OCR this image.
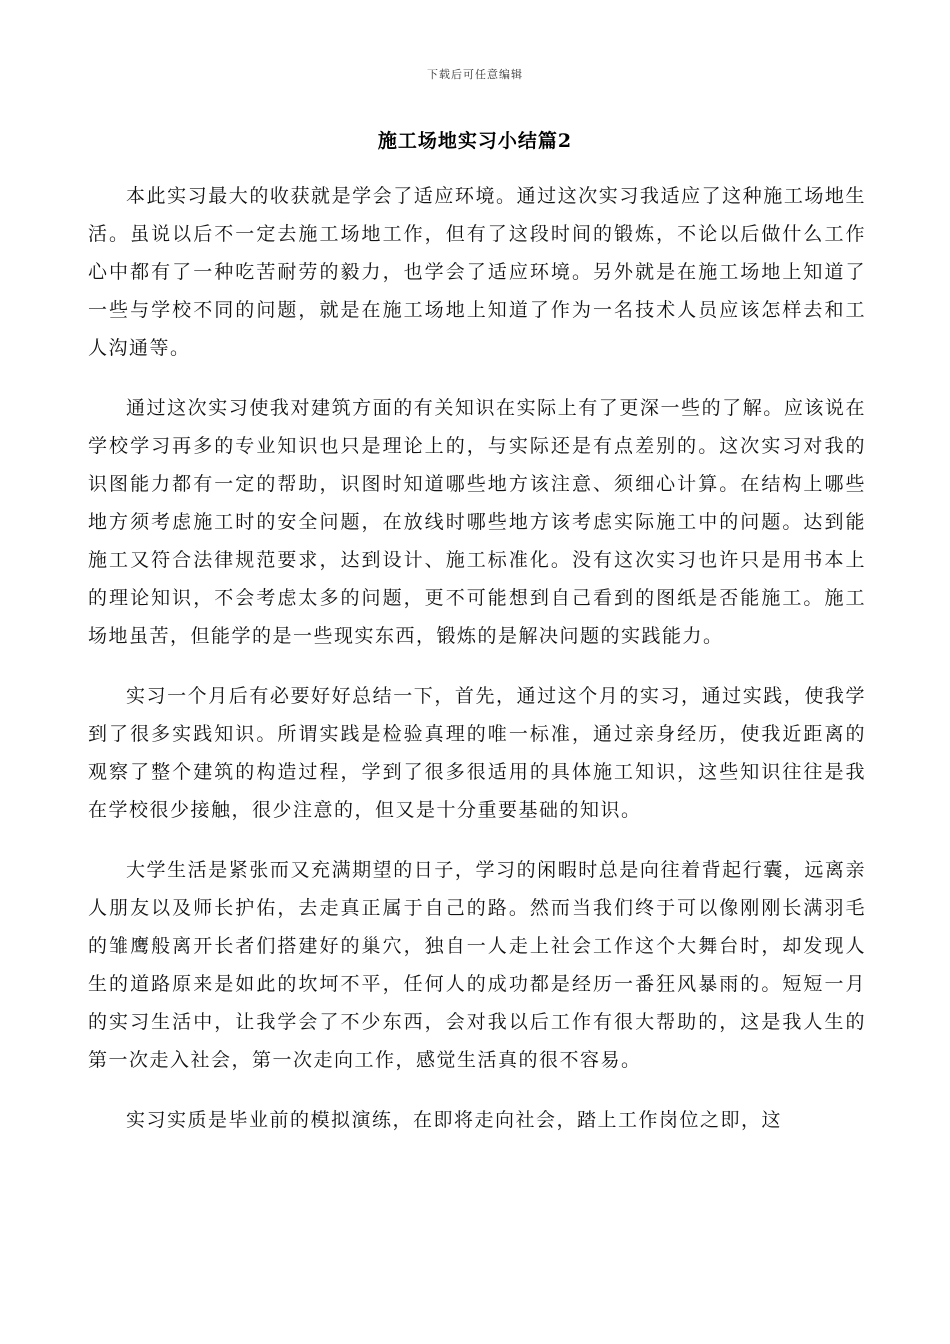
下载后可任意编辑
施工场地实习小结篇2

本此实习最大的收获就是学会了适应环境。通过这次实习我适应了这种施工场地生活。虽说以后不一定去施工场地工作，但有了这段时间的锻炼，不论以后做什么工作心中都有了一种吃苦耐劳的毅力，也学会了适应环境。另外就是在施工场地上知道了一些与学校不同的问题，就是在施工场地上知道了作为一名技术人员应该怎样去和工人沟通等。

通过这次实习使我对建筑方面的有关知识在实际上有了更深一些的了解。应该说在学校学习再多的专业知识也只是理论上的，与实际还是有点差别的。这次实习对我的识图能力都有一定的帮助，识图时知道哪些地方该注意、须细心计算。在结构上哪些地方须考虑施工时的安全问题，在放线时哪些地方该考虑实际施工中的问题。达到能施工又符合法律规范要求，达到设计、施工标准化。没有这次实习也许只是用书本上的理论知识，不会考虑太多的问题，更不可能想到自己看到的图纸是否能施工。施工场地虽苦，但能学的是一些现实东西，锻炼的是解决问题的实践能力。

实习一个月后有必要好好总结一下，首先，通过这个月的实习，通过实践，使我学到了很多实践知识。所谓实践是检验真理的唯一标准，通过亲身经历，使我近距离的观察了整个建筑的构造过程，学到了很多很适用的具体施工知识，这些知识往往是我在学校很少接触，很少注意的，但又是十分重要基础的知识。

大学生活是紧张而又充满期望的日子，学习的闲暇时总是向往着背起行囊，远离亲人朋友以及师长护佑，去走真正属于自己的路。然而当我们终于可以像刚刚长满羽毛的雏鹰般离开长者们搭建好的巢穴，独自一人走上社会工作这个大舞台时，却发现人生的道路原来是如此的坎坷不平，任何人的成功都是经历一番狂风暴雨的。短短一月的实习生活中，让我学会了不少东西，会对我以后工作有很大帮助的，这是我人生的第一次走入社会，第一次走向工作，感觉生活真的很不容易。

实习实质是毕业前的模拟演练，在即将走向社会，踏上工作岗位之即，这
